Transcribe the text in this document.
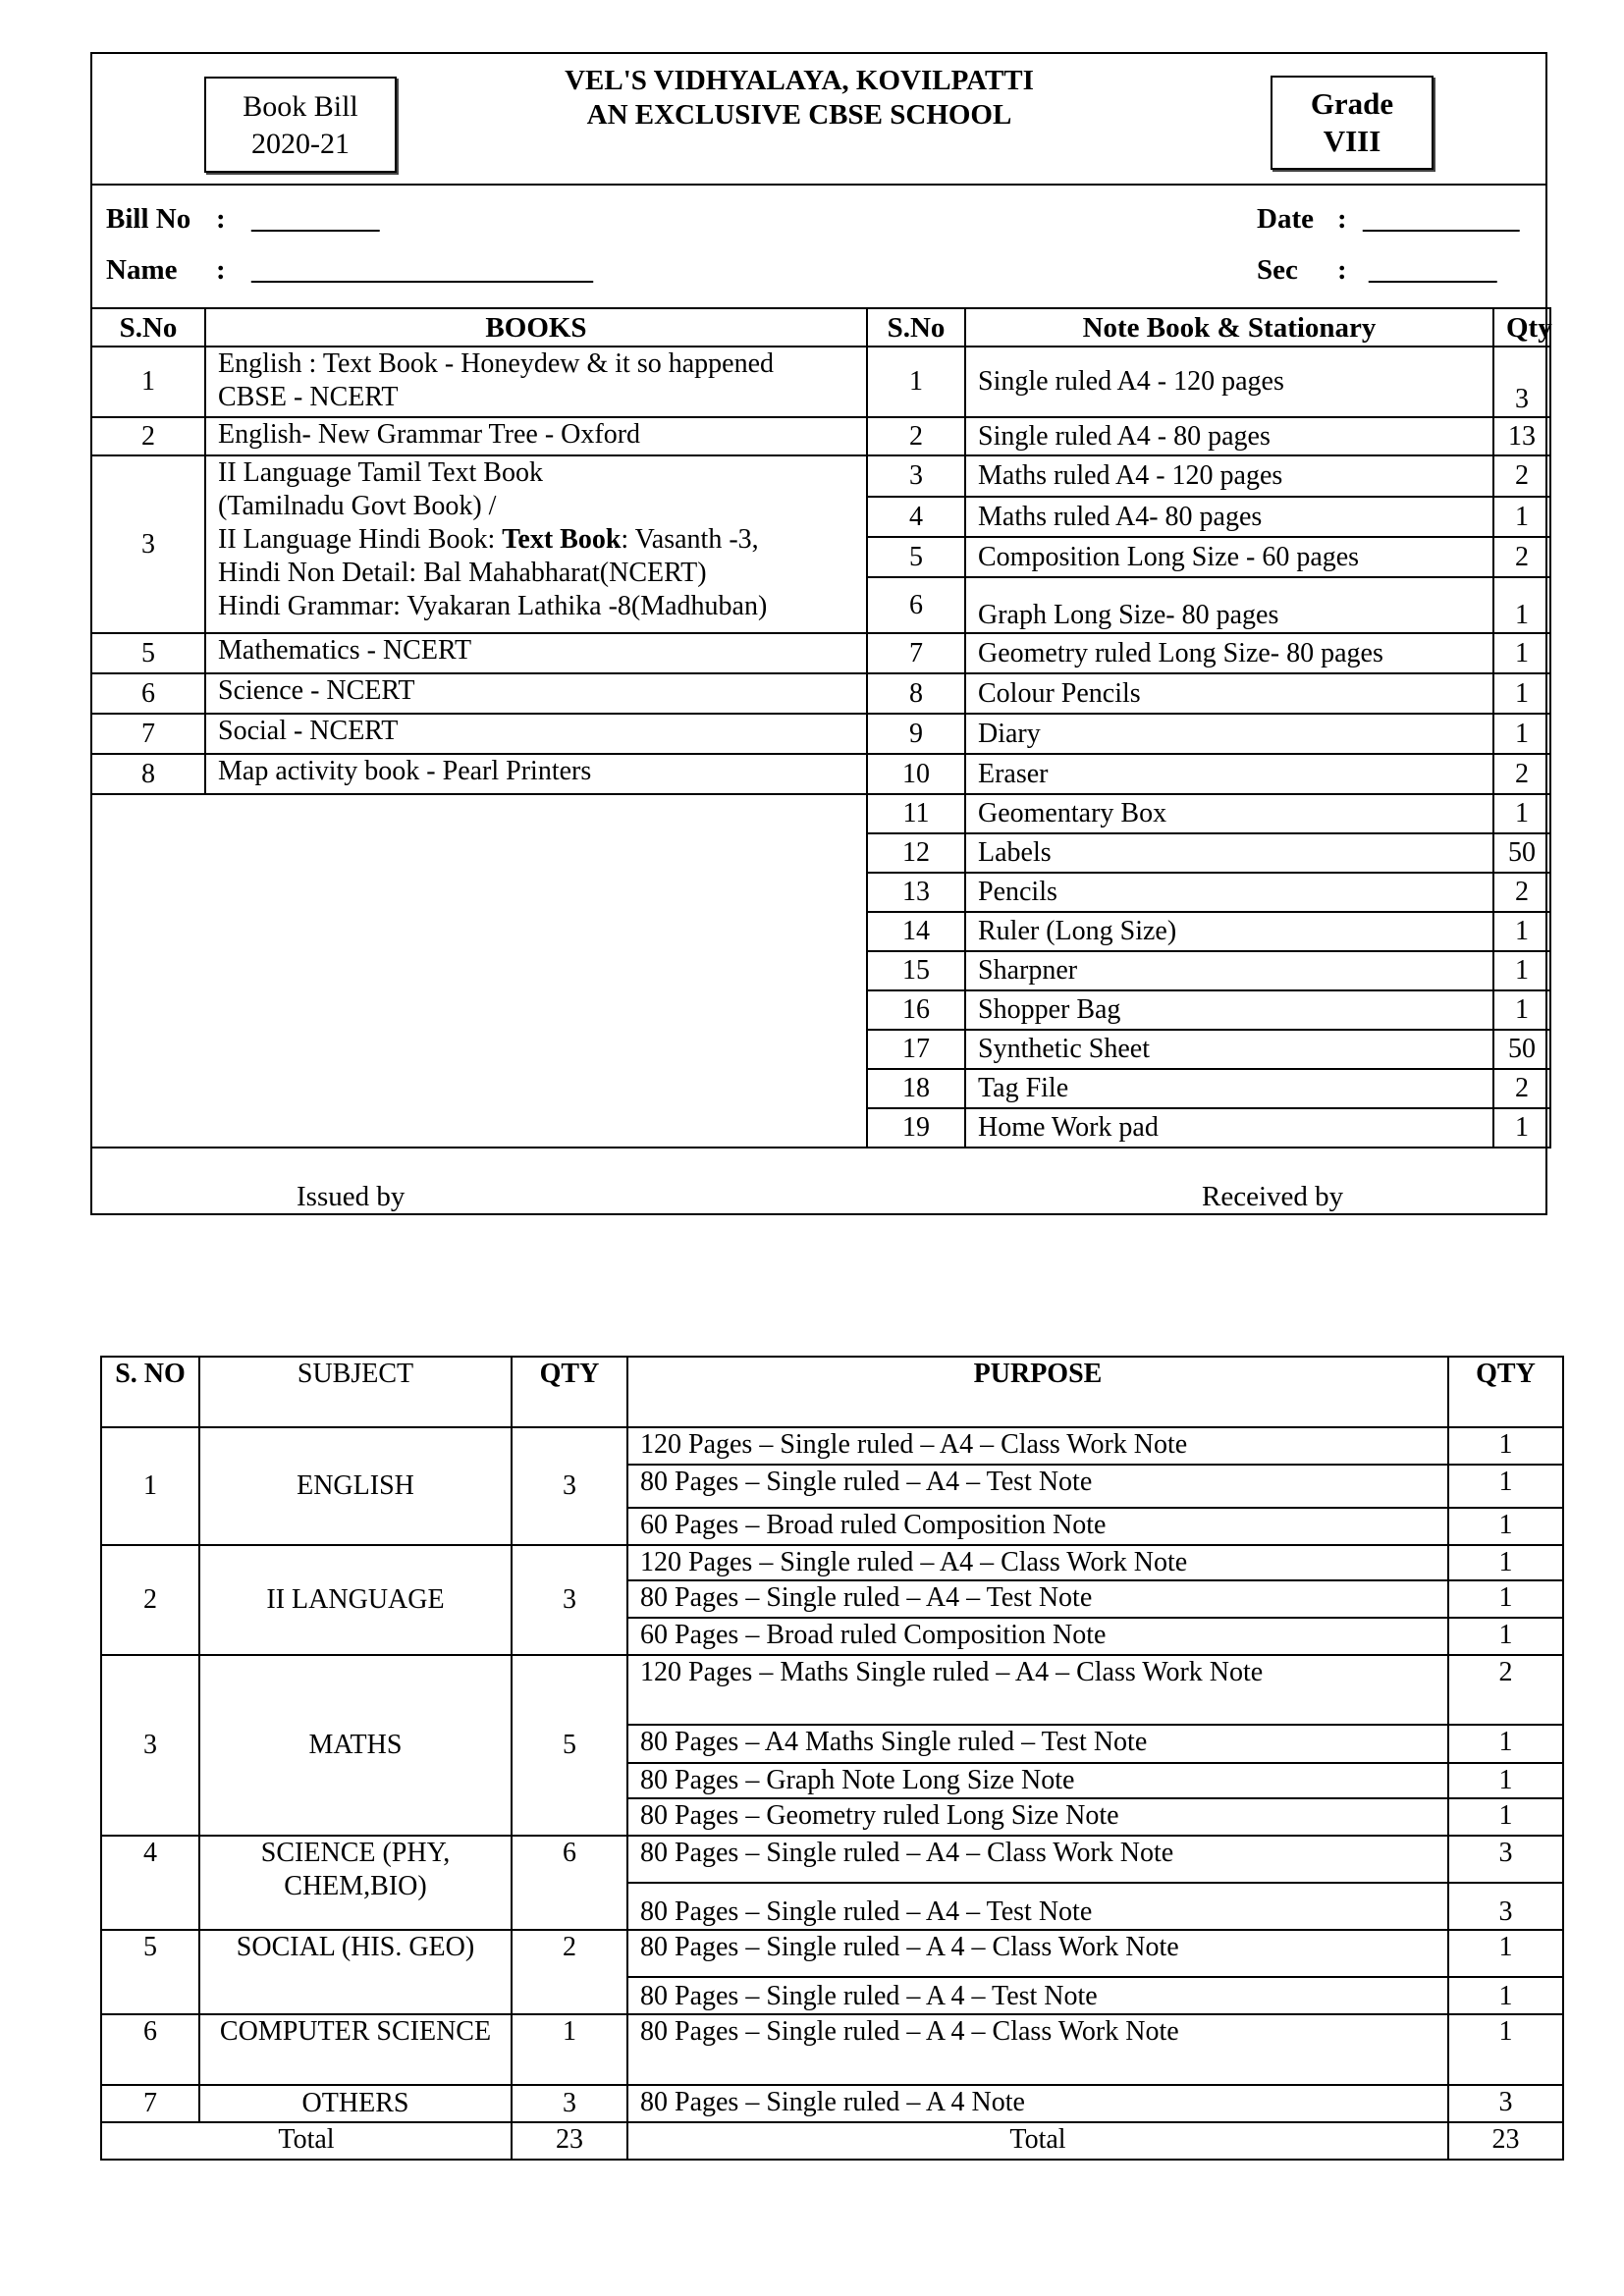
Book Bill
2020-21
VEL'S VIDHYALAYA, KOVILPATTI
AN EXCLUSIVE CBSE SCHOOL	Grade
VIII
Bill No : _________
Name : ________________________
Date : ___________
Sec : _________
S.No	BOOKS	S.No	Note Book & Stationary	Qty
1	English : Text Book - Honeydew & it so happened
CBSE - NCERT	1	Single ruled A4 - 120 pages	3
2	English- New Grammar Tree - Oxford	2	Single ruled A4 - 80 pages	13
3	II Language Tamil Text Book
(Tamilnadu Govt Book) /
II Language Hindi Book: Text Book: Vasanth -3,
Hindi Non Detail: Bal Mahabharat(NCERT)
Hindi Grammar: Vyakaran Lathika -8(Madhuban)	3	Maths ruled A4 - 120 pages	2
		4	Maths ruled A4- 80 pages	1
		5	Composition Long Size - 60 pages	2
		6	Graph Long Size- 80 pages	1
5	Mathematics - NCERT	7	Geometry ruled Long Size- 80 pages	1
6	Science - NCERT	8	Colour Pencils	1
7	Social - NCERT	9	Diary	1
8	Map activity book - Pearl Printers	10	Eraser	2
		11	Geomentary Box	1
		12	Labels	50
		13	Pencils	2
		14	Ruler (Long Size)	1
		15	Sharpner	1
		16	Shopper Bag	1
		17	Synthetic Sheet	50
		18	Tag File	2
		19	Home Work pad	1
Issued by	Received by
S. NO	SUBJECT	QTY	PURPOSE	QTY
1	ENGLISH	3	120 Pages – Single ruled – A4 – Class Work Note	1
			80 Pages – Single ruled – A4 – Test Note	1
			60 Pages – Broad ruled Composition Note	1
2	II LANGUAGE	3	120 Pages – Single ruled – A4 – Class Work Note	1
			80 Pages – Single ruled – A4 – Test Note	1
			60 Pages – Broad ruled Composition Note	1
3	MATHS	5	120 Pages – Maths Single ruled – A4 – Class Work Note	2
			80 Pages – A4 Maths Single ruled – Test Note	1
			80 Pages – Graph Note Long Size Note	1
			80 Pages – Geometry ruled Long Size Note	1
4	SCIENCE (PHY, CHEM,BIO)	6	80 Pages – Single ruled – A4 – Class Work Note	3
			80 Pages – Single ruled – A4 – Test Note	3
5	SOCIAL (HIS. GEO)	2	80 Pages – Single ruled – A 4 – Class Work Note	1
			80 Pages – Single ruled – A 4 – Test Note	1
6	COMPUTER SCIENCE	1	80 Pages – Single ruled – A 4 – Class Work Note	1
7	OTHERS	3	80 Pages – Single ruled – A 4 Note	3
Total		23	Total	23
